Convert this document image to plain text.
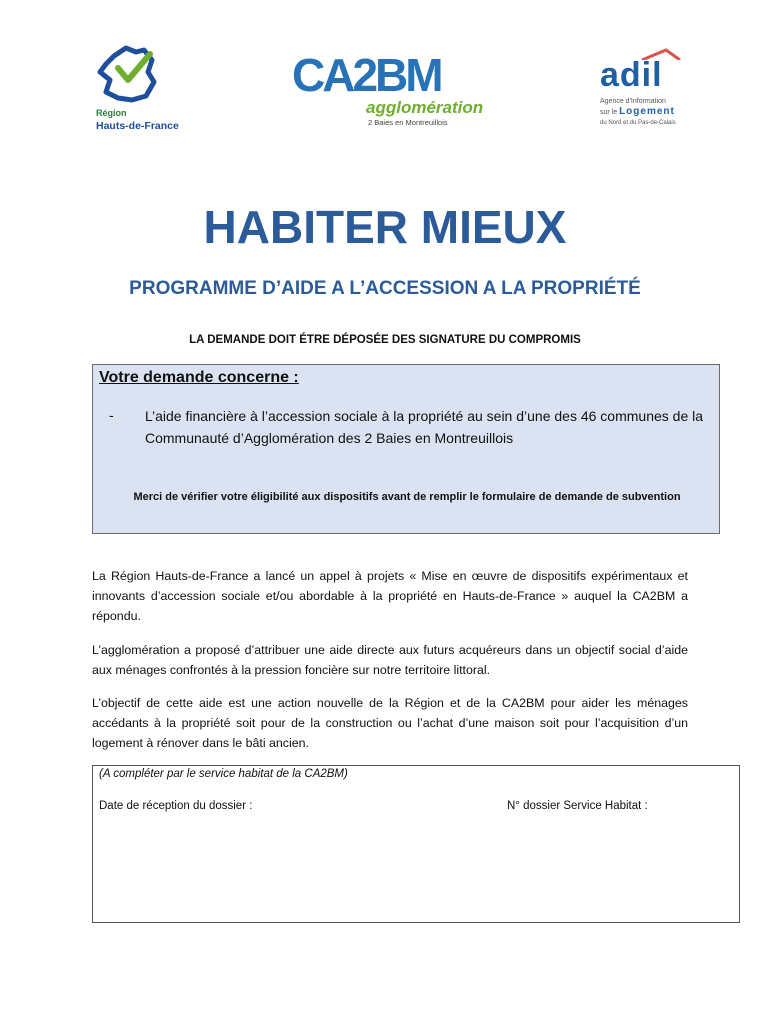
Région
Hauts-de-France
CA2BM
agglomération
2 Baies en Montreuillois
adil
Agence d'Information
sur le Logement
du Nord et du Pas-de-Calais
HABITER MIEUX
PROGRAMME D’AIDE A L’ACCESSION A LA PROPRIÉTÉ
LA DEMANDE DOIT ÉTRE DÉPOSÉE DES SIGNATURE DU COMPROMIS
Votre demande concerne :
- L’aide financière à l’accession sociale à la propriété au sein d’une des 46 communes de la Communauté d’Agglomération des 2 Baies en Montreuillois
Merci de vérifier votre éligibilité aux dispositifs avant de remplir le formulaire de demande de subvention
La Région Hauts-de-France a lancé un appel à projets « Mise en œuvre de dispositifs expérimentaux et innovants d’accession sociale et/ou abordable à la propriété en Hauts-de-France » auquel la CA2BM a répondu.
L’agglomération a proposé d’attribuer une aide directe aux futurs acquéreurs dans un objectif social d’aide aux ménages confrontés à la pression foncière sur notre territoire littoral.
L’objectif de cette aide est une action nouvelle de la Région et de la CA2BM pour aider les ménages accédants à la propriété soit pour de la construction ou l’achat d’une maison soit pour l’acquisition d’un logement à rénover dans le bâti ancien.
(A compléter par le service habitat de la CA2BM)
Date de réception du dossier :	N° dossier Service Habitat :
